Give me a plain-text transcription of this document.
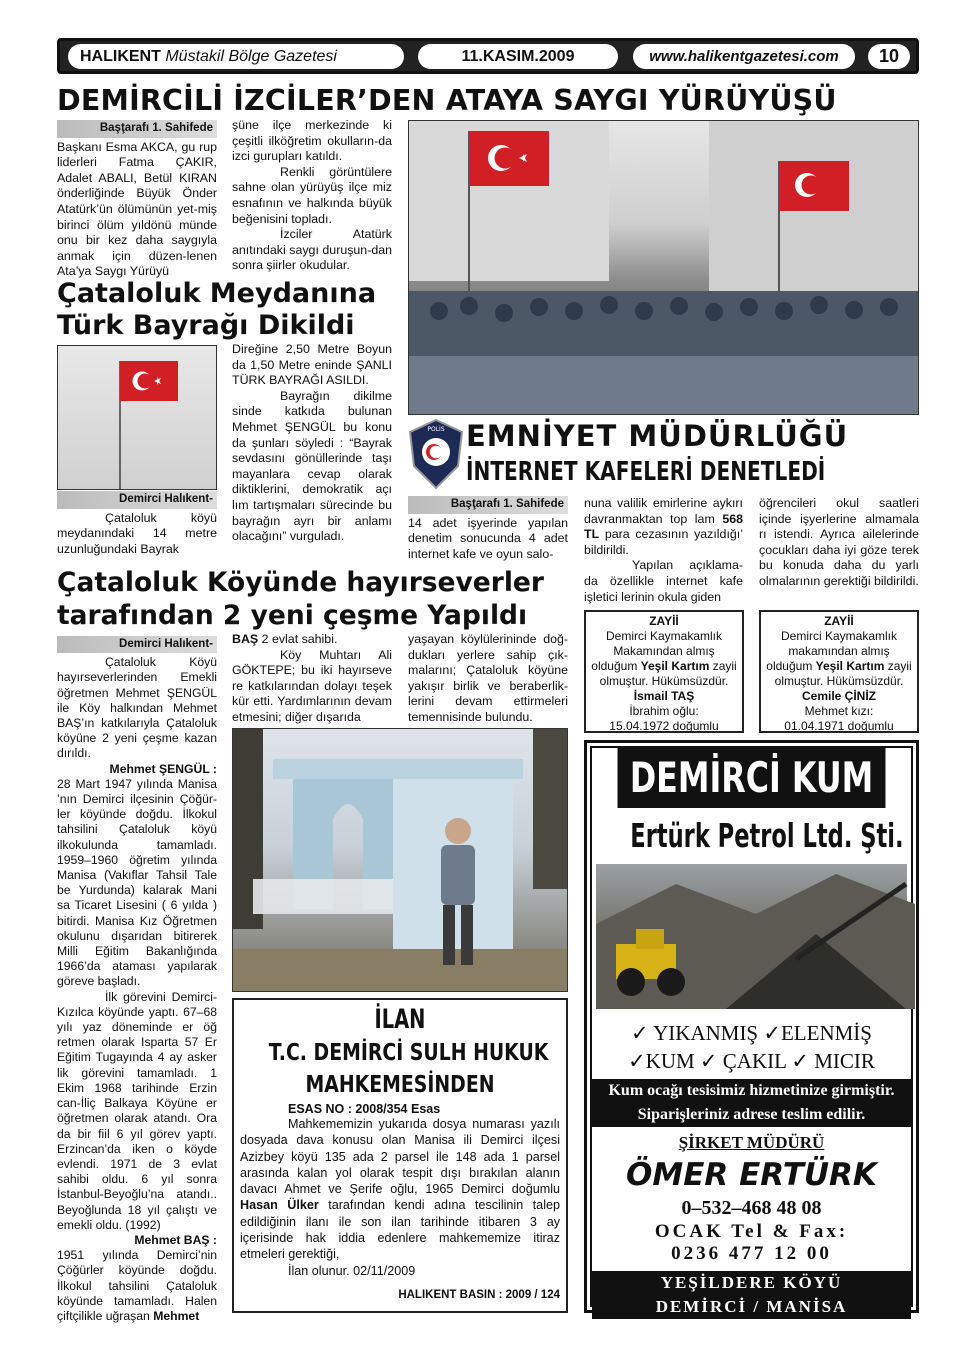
HALIKENT Müstakil Bölge Gazetesi	11.KASIM.2009	www.halikentgazetesi.com	10
DEMİRCİLİ İZCİLER’DEN ATAYA SAYGI YÜRÜYÜŞÜ
Başţarafı 1. Sahifede

Başkanı Esma AKCA, gu rup liderleri Fatma ÇAKIR, Adalet ABALI, Betül KIRAN önderliğinde Büyük Önder Atatürk’ün ölümünün yet-miş birinci ölüm yıldönü münde onu bir kez daha saygıyla anmak için düzen-lenen Ata’ya Saygı Yürüyü

şüne ilçe merkezinde ki çeşitli ilköğretim okulların-da izci gurupları katıldı.

Renkli görüntülere sahne olan yürüyüş ilçe miz esnafının ve halkında büyük beğenisini topladı.

İzciler Atatürk anıtındaki saygı duruşun-dan sonra şiirler okudular.

Çataloluk Meydanına
Türk Bayrağı Dikildi
Demirci Halıkent-

Çataloluk köyü meydanındaki 14 metre uzunluğundaki Bayrak

Direğine 2,50 Metre Boyun da 1,50 Metre eninde ŞANLI TÜRK BAYRAĞI ASILDI.

Bayrağın dikilme sinde katkıda bulunan Mehmet ŞENGÜL bu konu da şunları söyledi : “Bayrak sevdasını gönüllerinde taşı mayanlara cevap olarak diktiklerini, demokratik açı lım tartışmaları sürecinde bu bayrağın ayrı bir anlamı olacağını” vurguladı.

POLİS EMNİYET MÜDÜRLÜĞÜ
İNTERNET KAFELERİ DENETLEDİ
Başţarafı 1. Sahifede

14 adet işyerinde yapılan denetim sonucunda 4 adet internet kafe ve oyun salo-

nuna valilik emirlerine aykırı davranmaktan top lam 568 TL para cezasının yazıldığı’ bildirildi.

Yapılan açıklama-da özellikle internet kafe işletici lerinin okula giden

öğrencileri okul saatleri içinde işyerlerine almamala rı istendi. Ayrıca ailelerinde çocukları daha iyi göze terek bu konuda daha du yarlı olmalarının gerektiği bildirildi.

Çataloluk Köyünde hayırseverler
tarafından 2 yeni çeşme Yapıldı	ZAYİİ
Demirci Kaymakamlık Makamından almış olduğum Yeşil Kartım zayii olmuştur. Hükümsüzdür.
İsmail TAŞ
İbrahim oğlu:
15.04.1972 doğumlu
ZAYİİ
Demirci Kaymakamlık makamından almış olduğum Yeşil Kartım zayii olmuştur. Hükümsüzdür.
Cemile ÇİNİZ
Mehmet kızı:
01.04.1971 doğumlu
Demirci Halıkent-

Çataloluk Köyü hayırseverlerinden Emekli öğretmen Mehmet ŞENGÜL ile Köy halkından Mehmet BAŞ’ın katkılarıyla Çataloluk köyüne 2 yeni çeşme kazan dırıldı.

Mehmet ŞENGÜL :

28 Mart 1947 yılında Manisa ’nın Demirci ilçesinin Çöğür-ler köyünde doğdu. İlkokul tahsilini Çataloluk köyü ilkokulunda tamamladı. 1959–1960 öğretim yılında Manisa (Vakıflar Tahsil Tale be Yurdunda) kalarak Mani sa Ticaret Lisesini ( 6 yılda ) bitirdi. Manisa Kız Öğretmen okulunu dışarıdan bitirerek Milli Eğitim Bakanlığında 1966’da ataması yapılarak göreve başladı.

İlk görevini Demirci-Kızılca köyünde yaptı. 67–68 yılı yaz döneminde er öğ retmen olarak Isparta 57 Er Eğitim Tugayında 4 ay asker lik görevini tamamladı. 1 Ekim 1968 tarihinde Erzin can-İliç Balkaya Köyüne er öğretmen olarak atandı. Ora da bir fiil 6 yıl görev yaptı. Erzincan’da iken o köyde evlendi. 1971 de 3 evlat sahibi oldu. 6 yıl sonra İstanbul-Beyoğlu’na atandı.. Beyoğlunda 18 yıl çalıştı ve emekli oldu. (1992)

Mehmet BAŞ :

1951 yılında Demirci’nin Çöğürler köyünde doğdu. İlkokul tahsilini Çataloluk köyünde tamamladı. Halen çiftçilikle uğraşan Mehmet

BAŞ 2 evlat sahibi.

Köy Muhtarı Ali GÖKTEPE; bu iki hayırseve re katkılarından dolayı teşek kür etti. Yardımlarının devam etmesini; diğer dışarıda

yaşayan köylülerininde doğ-dukları yerlere sahip çık-malarını; Çataloluk köyüne yakışır birlik ve beraberlik-lerini devam ettirmeleri temennisinde bulundu.

İLAN
T.C. DEMİRCİ SULH HUKUK
MAHKEMESİNDEN
ESAS NO : 2008/354 Esas
Mahkememizin yukarıda dosya numarası yazılı dosyada dava konusu olan Manisa ili Demirci ilçesi Azizbey köyü 135 ada 2 parsel ile 148 ada 1 parsel arasında kalan yol olarak tespit dışı bırakılan alanın davacı Ahmet ve Şerife oğlu, 1965 Demirci doğumlu Hasan Ülker tarafından kendi adına tescilinin talep edildiğinin ilanı ile son ilan tarihinde itibaren 3 ay içerisinde hak iddia edenlere mahkememize itiraz etmeleri gerektiği,
İlan olunur. 02/11/2009
HALIKENT BASIN : 2009 / 124
DEMİRCİ KUM
Ertürk Petrol Ltd. Şti.
✓ YIKANMIŞ ✓ELENMİŞ
✓KUM ✓ ÇAKIL ✓ MICIR
Kum ocağı tesisimiz hizmetinize girmiştir.
Siparişleriniz adrese teslim edilir.
ŞİRKET MÜDÜRÜ
ÖMER ERTÜRK
0–532–468 48 08
OCAK Tel & Fax:
0236 477 12 00
YEŞİLDERE KÖYÜ
DEMİRCİ / MANİSA
